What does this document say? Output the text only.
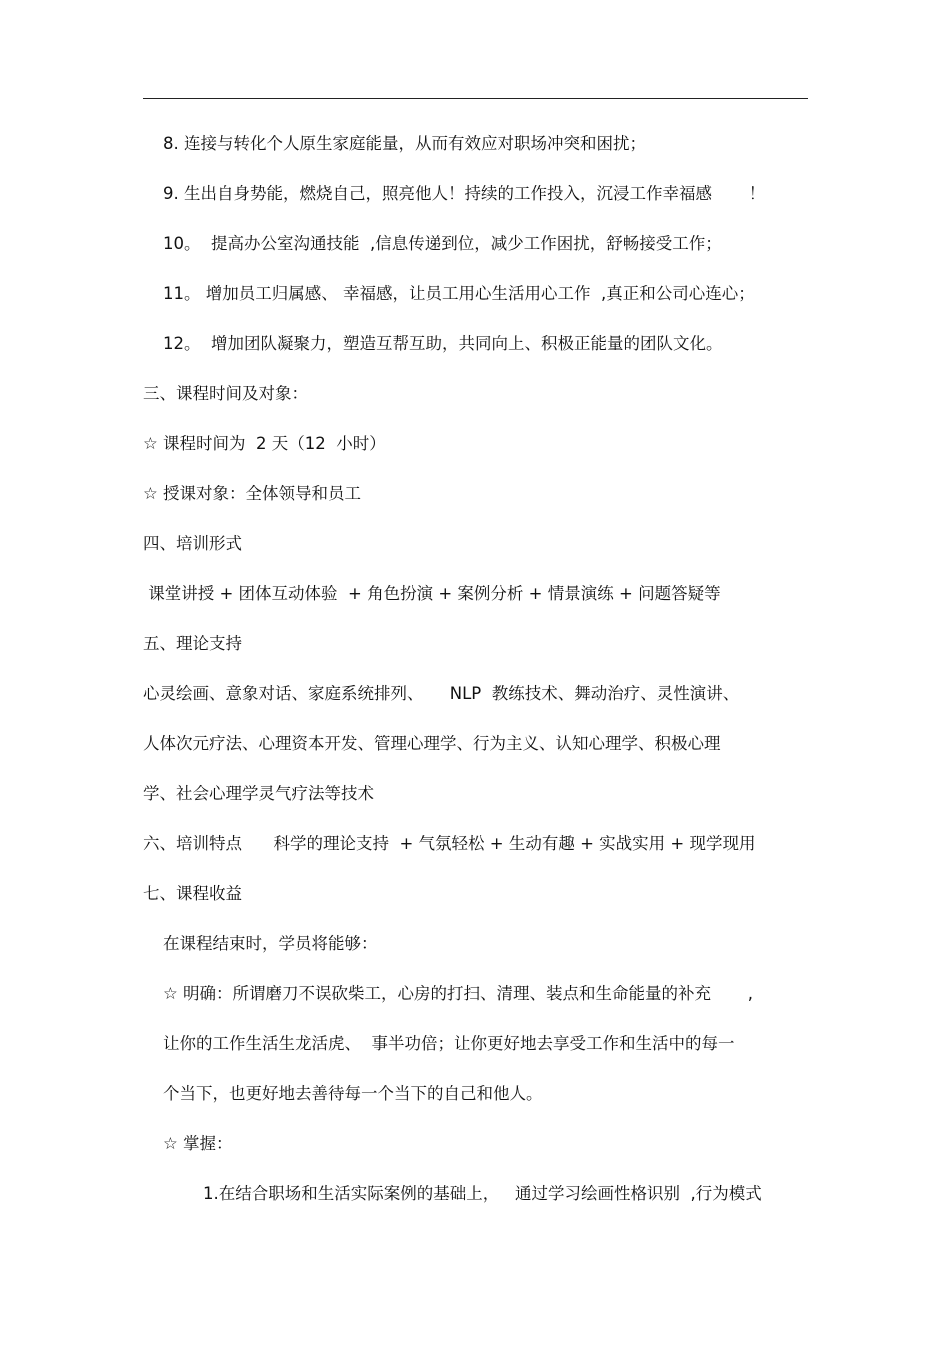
8. 连接与转化个人原生家庭能量，从而有效应对职场冲突和困扰；
9. 生出自身势能，燃烧自己，照亮他人！持续的工作投入，沉浸工作幸福感       ！
10。  提高办公室沟通技能  ,信息传递到位，减少工作困扰，舒畅接受工作；
11。 增加员工归属感、 幸福感，让员工用心生活用心工作  ,真正和公司心连心；
12。  增加团队凝聚力，塑造互帮互助，共同向上、积极正能量的团队文化。
三、课程时间及对象：
☆ 课程时间为  2 天（12  小时）
☆ 授课对象：全体领导和员工
四、培训形式
课堂讲授 + 团体互动体验  + 角色扮演 + 案例分析 + 情景演练 + 问题答疑等
五、理论支持
心灵绘画、意象对话、家庭系统排列、     NLP  教练技术、舞动治疗、灵性演讲、
人体次元疗法、心理资本开发、管理心理学、行为主义、认知心理学、积极心理
学、社会心理学灵气疗法等技术
六、培训特点      科学的理论支持  + 气氛轻松 + 生动有趣 + 实战实用 + 现学现用
七、课程收益
在课程结束时，学员将能够：
☆ 明确：所谓磨刀不误砍柴工，心房的打扫、清理、装点和生命能量的补充       ,
让你的工作生活生龙活虎、  事半功倍；让你更好地去享受工作和生活中的每一
个当下，也更好地去善待每一个当下的自己和他人。
☆ 掌握：
1.在结合职场和生活实际案例的基础上，   通过学习绘画性格识别  ,行为模式
